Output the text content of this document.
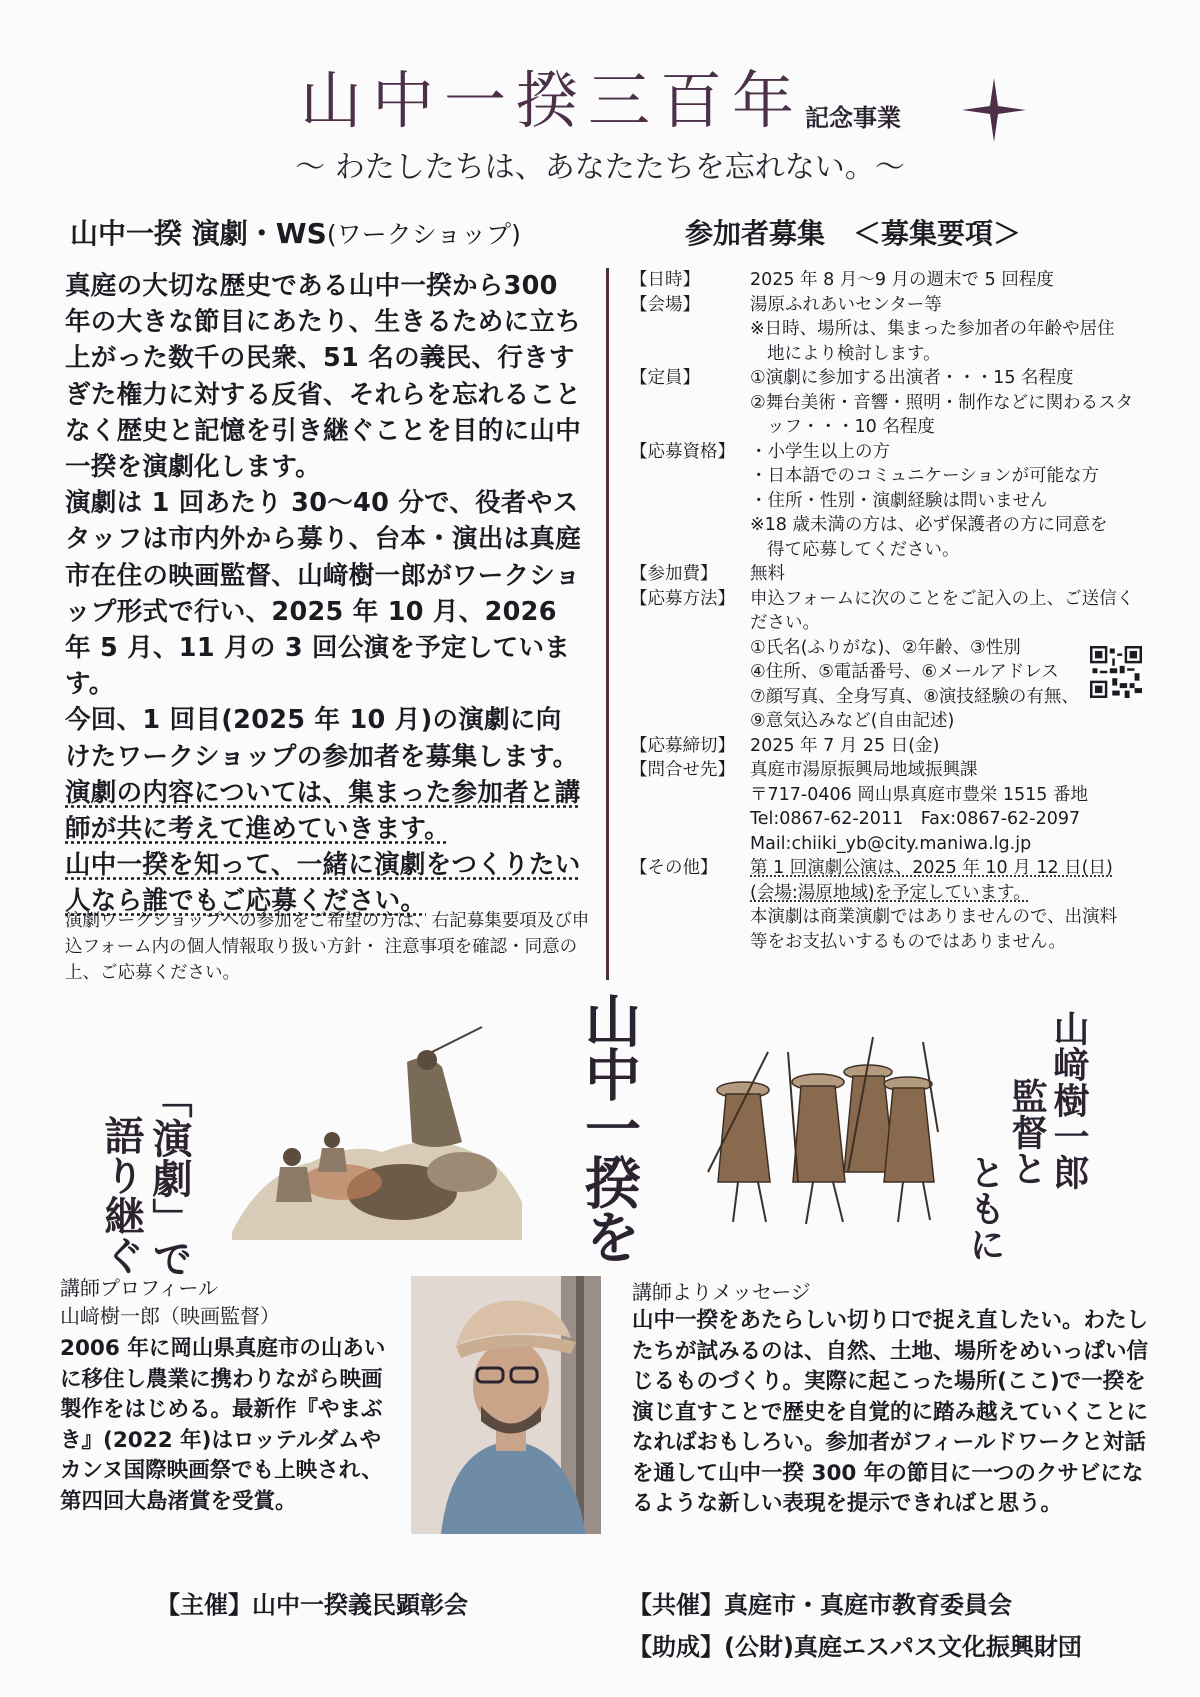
山中一揆三百年 記念事業
～ わたしたちは、あなたたちを忘れない。～
山中一揆 演劇・WS(ワークショップ)	参加者募集　＜募集要項＞

真庭の大切な歴史である山中一揆から300 年の大きな節目にあたり、生きるために立ち上がった数千の民衆、51 名の義民、行きすぎた権力に対する反省、それらを忘れることなく歴史と記憶を引き継ぐことを目的に山中一揆を演劇化します。

演劇は 1 回あたり 30～40 分で、役者やスタッフは市内外から募り、台本・演出は真庭市在住の映画監督、山﨑樹一郎がワークショップ形式で行い、2025 年 10 月、2026 年 5 月、11 月の 3 回公演を予定しています。

今回、1 回目(2025 年 10 月)の演劇に向けたワークショップの参加者を募集します。

演劇の内容については、集まった参加者と講師が共に考えて進めていきます。

山中一揆を知って、一緒に演劇をつくりたい人なら誰でもご応募ください。

演劇ワークショップへの参加をご希望の方は、右記募集要項及び申込フォーム内の個人情報取り扱い方針・ 注意事項を確認・同意の上、ご応募ください。
【日時】	2025 年 8 月～9 月の週末で 5 回程度
【会場】	湯原ふれあいセンター等
※日時、場所は、集まった参加者の年齢や居住
地により検討します。
【定員】	①演劇に参加する出演者・・・15 名程度
②舞台美術・音響・照明・制作などに関わるスタ
ッフ・・・10 名程度
【応募資格】 ・小学生以上の方
・日本語でのコミュニケーションが可能な方
・住所・性別・演劇経験は問いません
※18 歳未満の方は、必ず保護者の方に同意を
得て応募してください。
【参加費】	無料
【応募方法】 申込フォームに次のことをご記入の上、ご送信く
ださい。
①氏名(ふりがな)、②年齢、③性別
④住所、⑤電話番号、⑥メールアドレス
⑦顔写真、全身写真、⑧演技経験の有無、
⑨意気込みなど(自由記述)
【応募締切】 2025 年 7 月 25 日(金)
【問合せ先】 真庭市湯原振興局地域振興課
〒717-0406 岡山県真庭市豊栄 1515 番地
Tel:0867-62-2011　Fax:0867-62-2097
Mail:chiiki_yb@city.maniwa.lg.jp
【その他】	第 1 回演劇公演は、2025 年 10 月 12 日(日)
(会場:湯原地域)を予定しています。
本演劇は商業演劇ではありませんので、出演料
等をお支払いするものではありません。
山中一揆を
「演劇」で
語り継ぐ
山﨑樹一郎
監督と
ともに
講師プロフィール
山﨑樹一郎（映画監督）
2006 年に岡山県真庭市の山あいに移住し農業に携わりながら映画製作をはじめる。最新作『やまぶき』(2022 年)はロッテルダムやカンヌ国際映画祭でも上映され、第四回大島渚賞を受賞。
講師よりメッセージ
山中一揆をあたらしい切り口で捉え直したい。わたしたちが試みるのは、自然、土地、場所をめいっぱい信じるものづくり。実際に起こった場所(ここ)で一揆を演じ直すことで歴史を自覚的に踏み越えていくことになればおもしろい。参加者がフィールドワークと対話を通して山中一揆 300 年の節目に一つのクサビになるような新しい表現を提示できればと思う。
【主催】山中一揆義民顕彰会	【共催】真庭市・真庭市教育委員会
【助成】(公財)真庭エスパス文化振興財団
